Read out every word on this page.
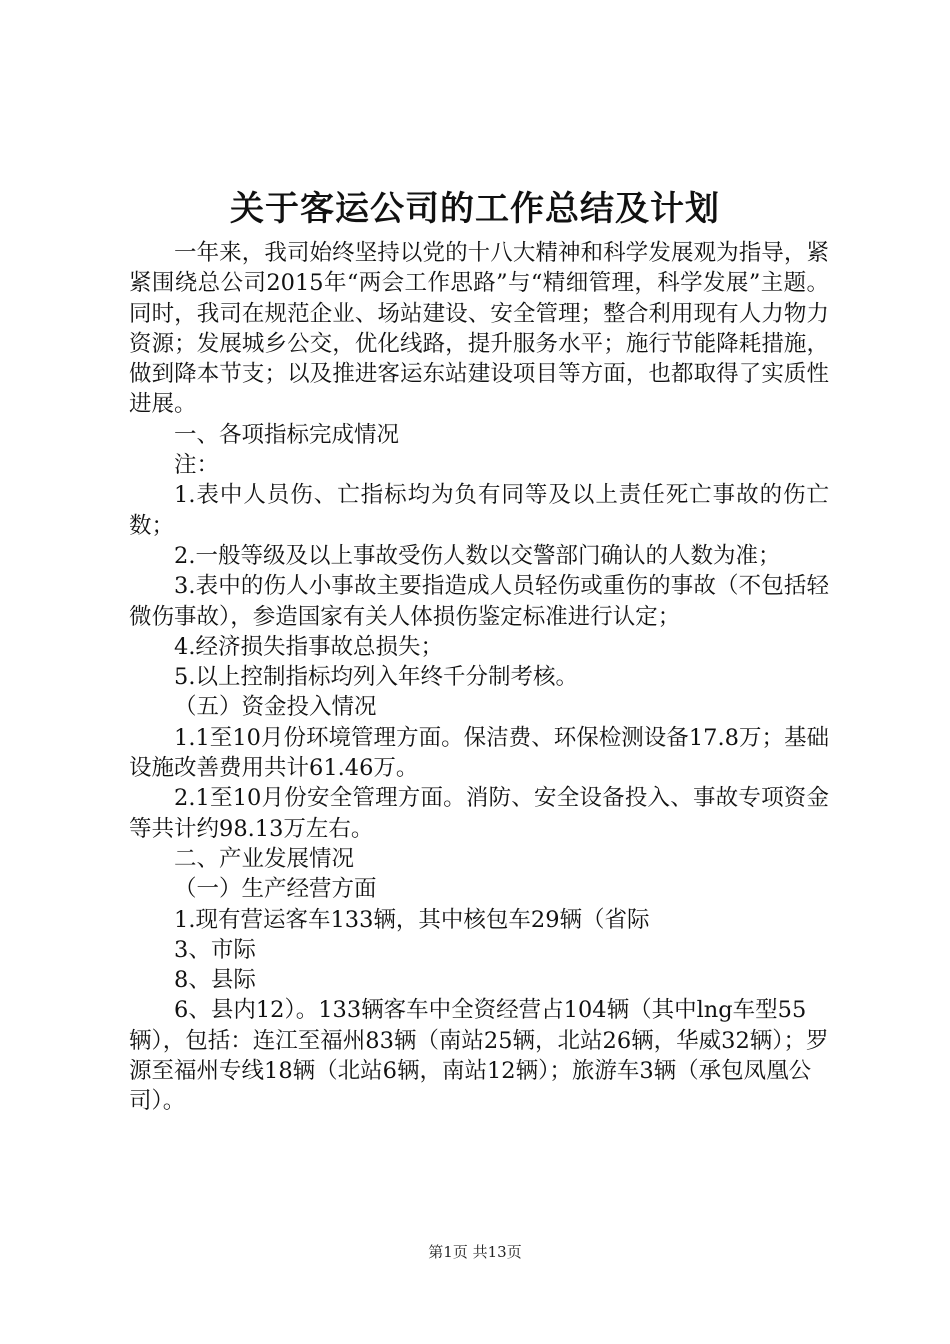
关于客运公司的工作总结及计划

一年来，我司始终坚持以党的十八大精神和科学发展观为指导，紧紧围绕总公司2015年“两会工作思路”与“精细管理，科学发展”主题。同时，我司在规范企业、场站建设、安全管理；整合利用现有人力物力资源；发展城乡公交，优化线路，提升服务水平；施行节能降耗措施，做到降本节支；以及推进客运东站建设项目等方面，也都取得了实质性进展。

一、各项指标完成情况

注：

1.表中人员伤、亡指标均为负有同等及以上责任死亡事故的伤亡数；

2.一般等级及以上事故受伤人数以交警部门确认的人数为准；

3.表中的伤人小事故主要指造成人员轻伤或重伤的事故（不包括轻微伤事故），参造国家有关人体损伤鉴定标准进行认定；

4.经济损失指事故总损失；

5.以上控制指标均列入年终千分制考核。

（五）资金投入情况

1.1至10月份环境管理方面。保洁费、环保检测设备17.8万；基础设施改善费用共计61.46万。

2.1至10月份安全管理方面。消防、安全设备投入、事故专项资金等共计约98.13万左右。

二、产业发展情况

（一）生产经营方面

1.现有营运客车133辆，其中核包车29辆（省际

3、市际

8、县际

6、县内12）。133辆客车中全资经营占104辆（其中lng车型55辆），包括：连江至福州83辆（南站25辆，北站26辆，华威32辆）；罗源至福州专线18辆（北站6辆，南站12辆）；旅游车3辆（承包凤凰公司）。

第1页 共13页
